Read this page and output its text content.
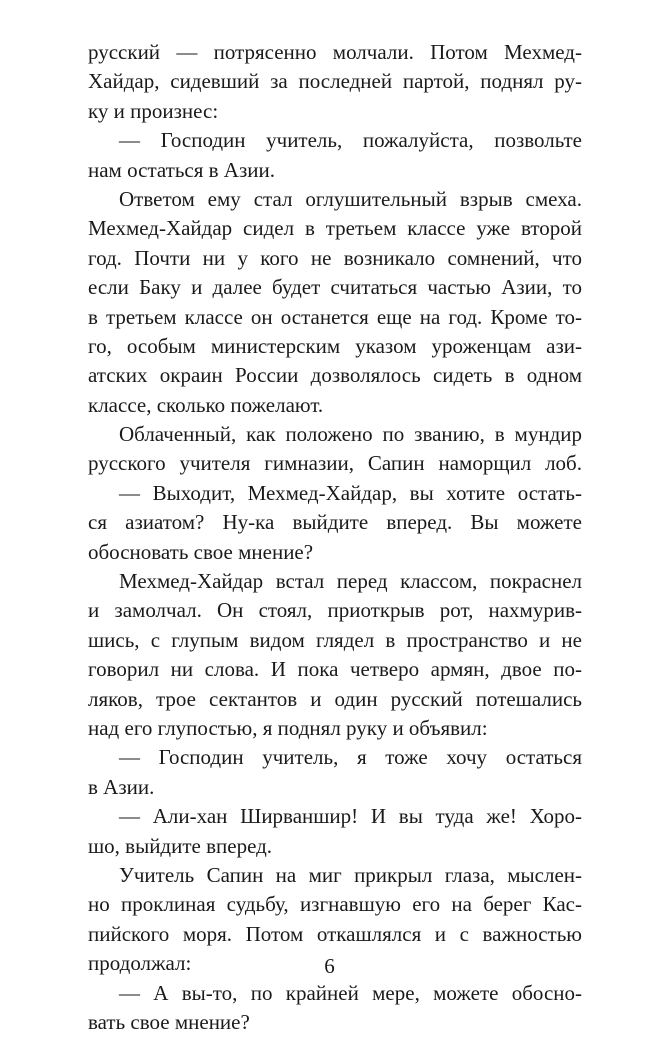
русский — потрясенно молчали. Потом Мехмед-
Хайдар, сидевший за последней партой, поднял ру-
ку и произнес:
— Господин учитель, пожалуйста, позвольте
нам остаться в Азии.
Ответом ему стал оглушительный взрыв смеха.
Мехмед-Хайдар сидел в третьем классе уже второй
год. Почти ни у кого не возникало сомнений, что
если Баку и далее будет считаться частью Азии, то
в третьем классе он останется еще на год. Кроме то-
го, особым министерским указом уроженцам ази-
атских окраин России дозволялось сидеть в одном
классе, сколько пожелают.
Облаченный, как положено по званию, в мундир
русского учителя гимназии, Сапин наморщил лоб.
— Выходит, Мехмед-Хайдар, вы хотите остать-
ся азиатом? Ну-ка выйдите вперед. Вы можете
обосновать свое мнение?
Мехмед-Хайдар встал перед классом, покраснел
и замолчал. Он стоял, приоткрыв рот, нахмурив-
шись, с глупым видом глядел в пространство и не
говорил ни слова. И пока четверо армян, двое по-
ляков, трое сектантов и один русский потешались
над его глупостью, я поднял руку и объявил:
— Господин учитель, я тоже хочу остаться
в Азии.
— Али-хан Ширваншир! И вы туда же! Хоро-
шо, выйдите вперед.
Учитель Сапин на миг прикрыл глаза, мыслен-
но проклиная судьбу, изгнавшую его на берег Кас-
пийского моря. Потом откашлялся и с важностью
продолжал:
— А вы-то, по крайней мере, можете обосно-
вать свое мнение?
6
